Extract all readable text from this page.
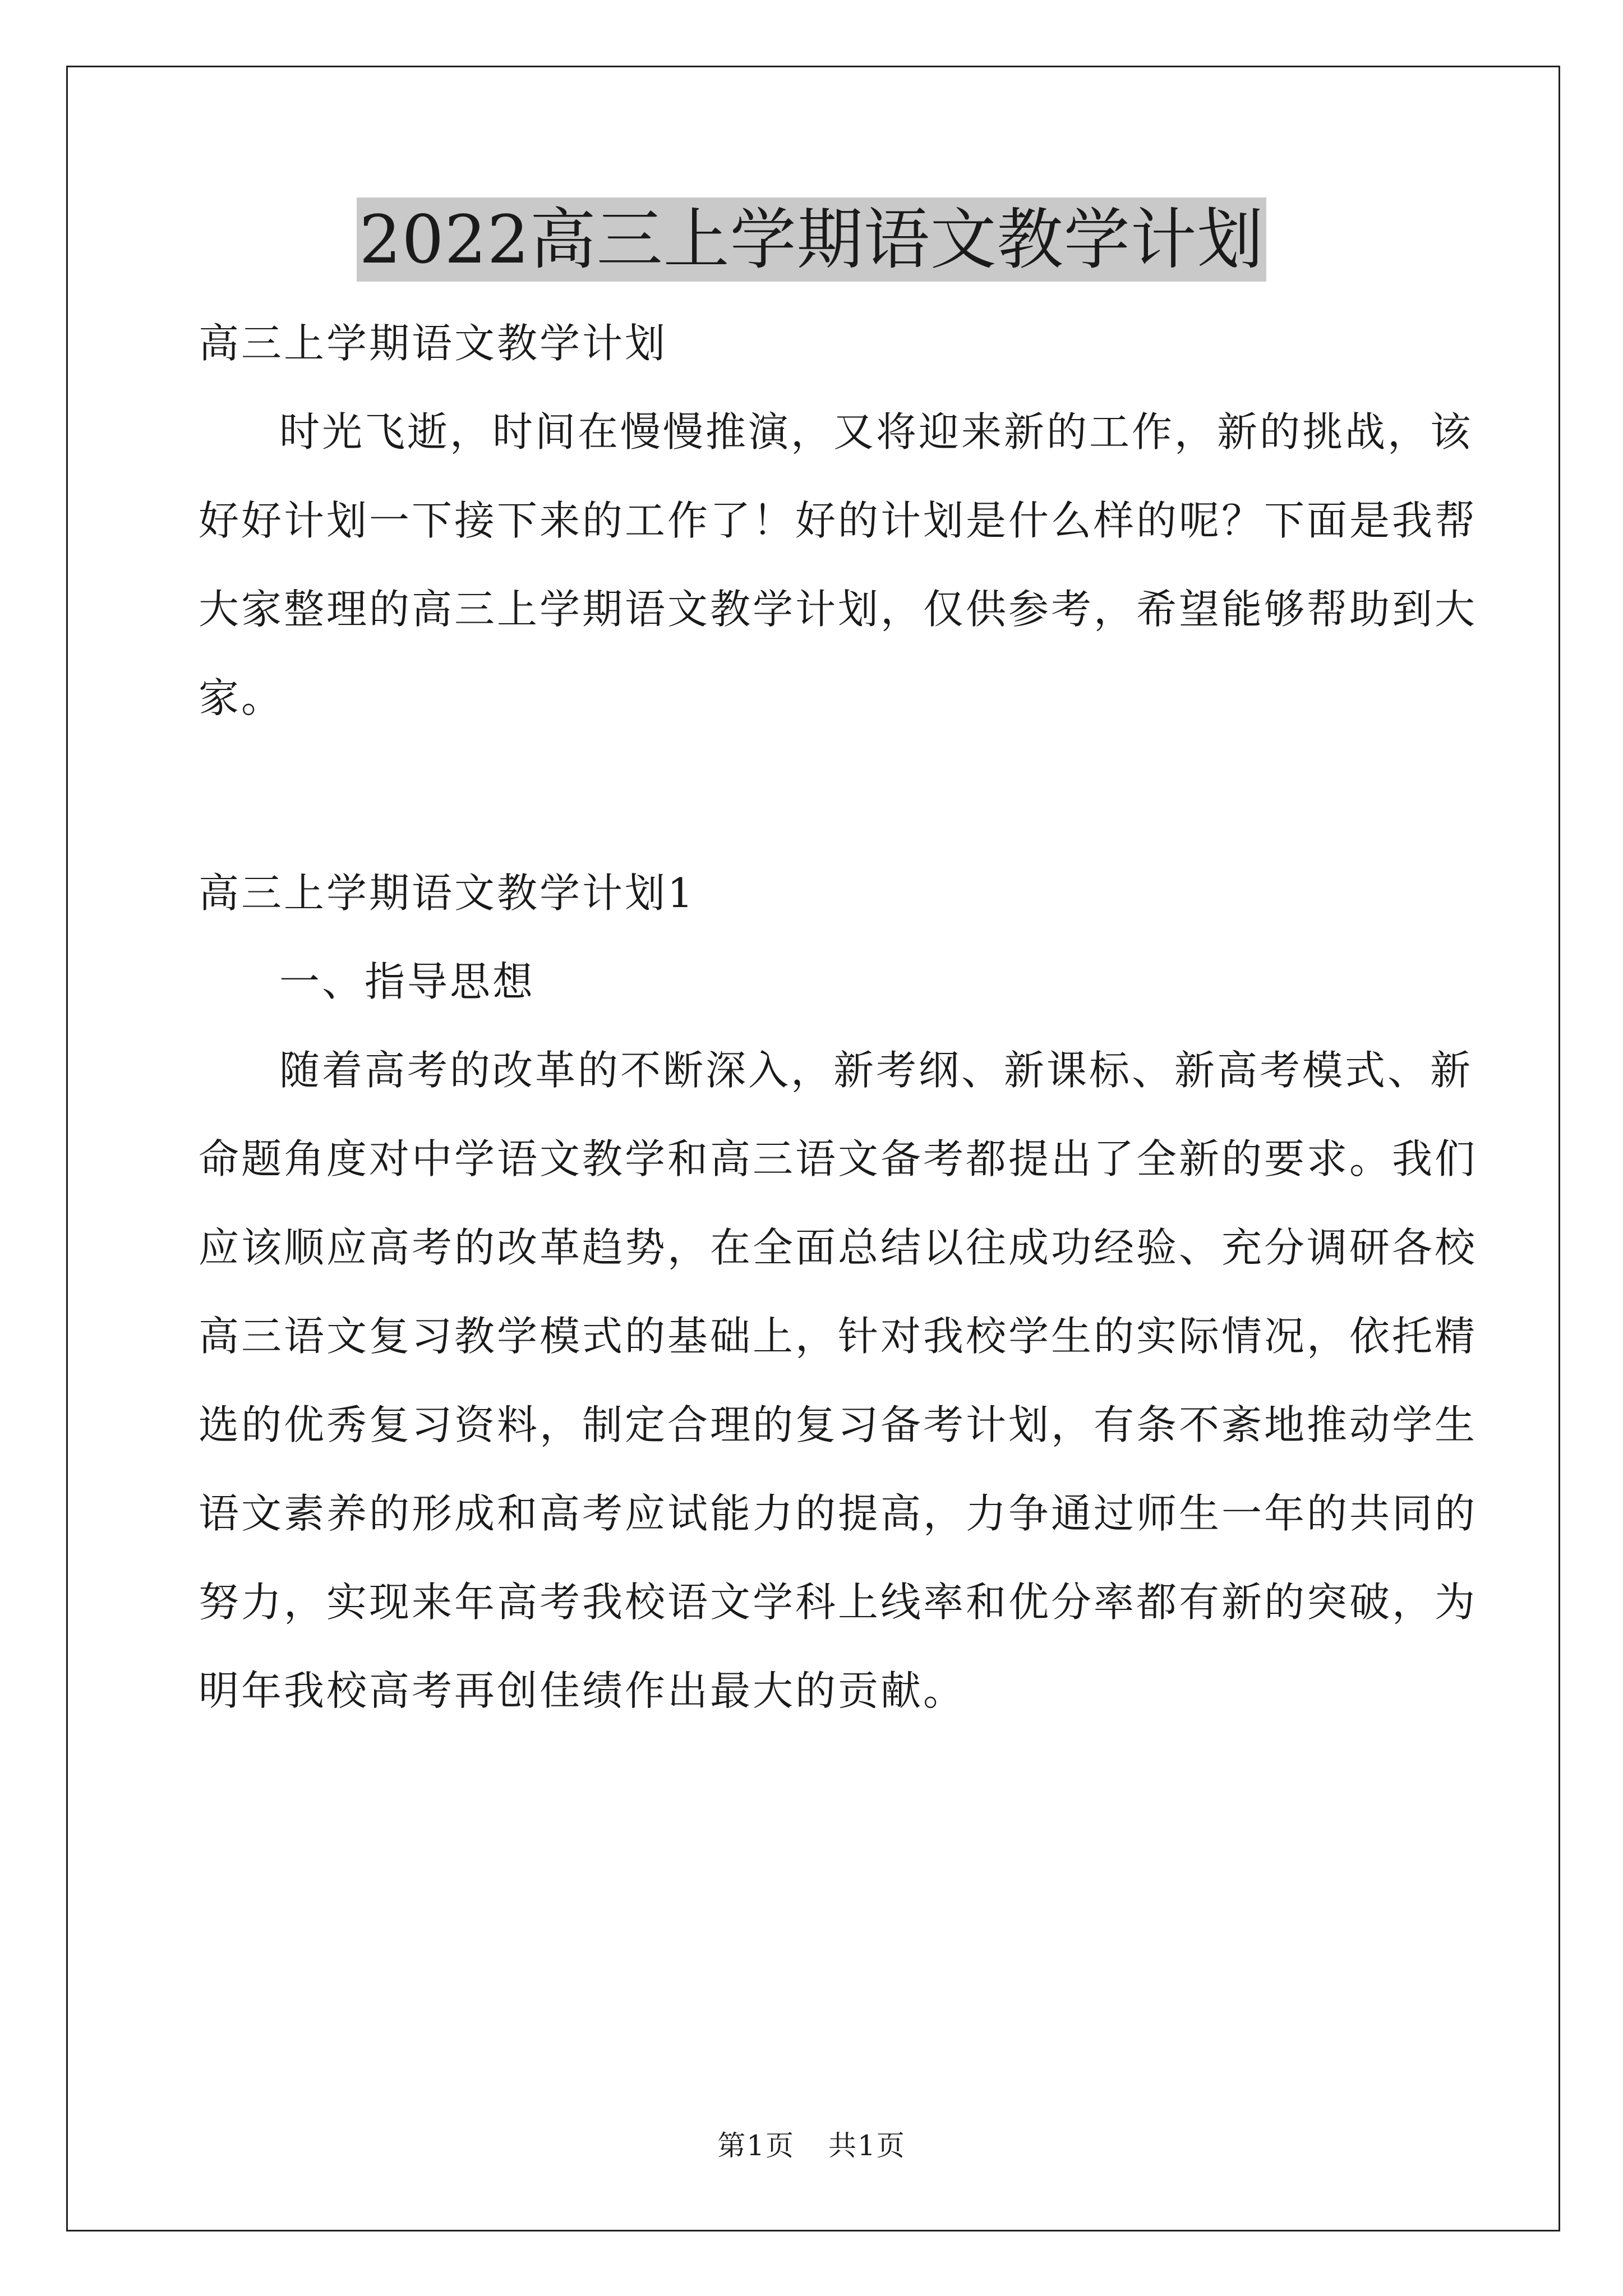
2022高三上学期语文教学计划
高三上学期语文教学计划
时光飞逝，时间在慢慢推演，又将迎来新的工作，新的挑战，该
好好计划一下接下来的工作了！好的计划是什么样的呢？下面是我帮
大家整理的高三上学期语文教学计划，仅供参考，希望能够帮助到大
家。
高三上学期语文教学计划1
一、指导思想
随着高考的改革的不断深入，新考纲、新课标、新高考模式、新
命题角度对中学语文教学和高三语文备考都提出了全新的要求。我们
应该顺应高考的改革趋势，在全面总结以往成功经验、充分调研各校
高三语文复习教学模式的基础上，针对我校学生的实际情况，依托精
选的优秀复习资料，制定合理的复习备考计划，有条不紊地推动学生
语文素养的形成和高考应试能力的提高，力争通过师生一年的共同的
努力，实现来年高考我校语文学科上线率和优分率都有新的突破，为
明年我校高考再创佳绩作出最大的贡献。
第1页 共1页
